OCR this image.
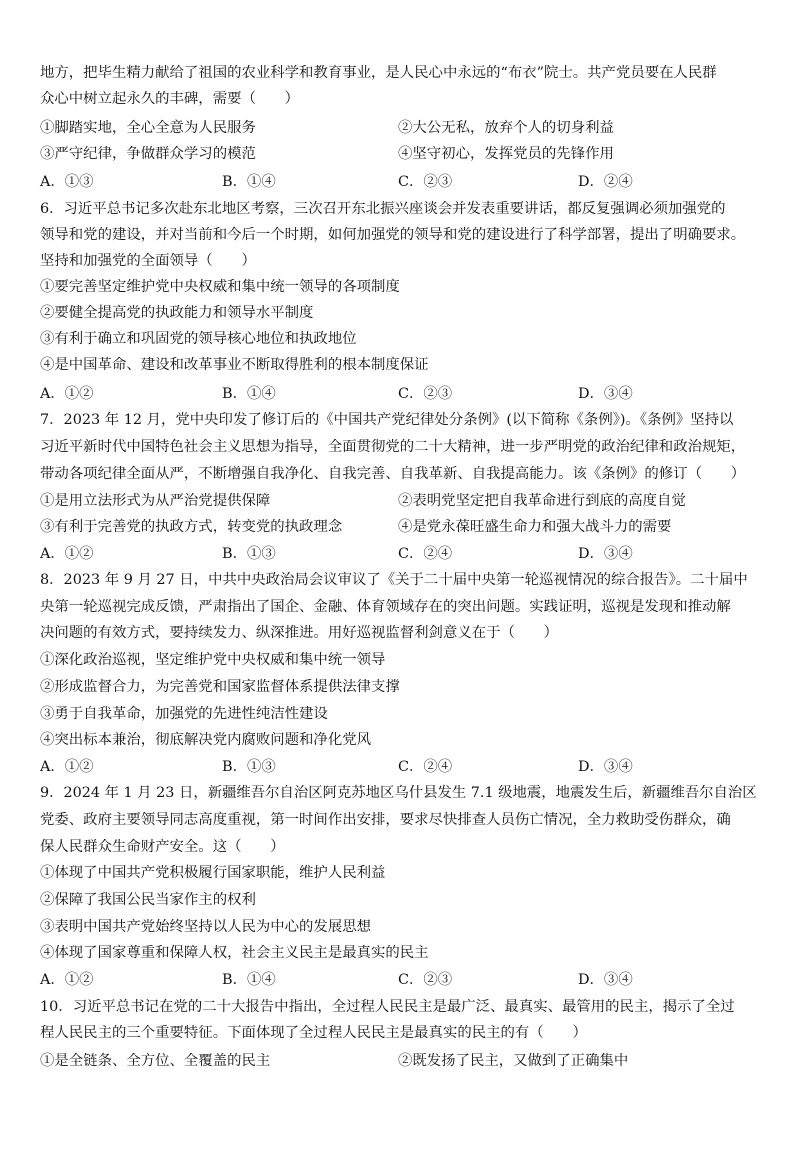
地方，把毕生精力献给了祖国的农业科学和教育事业，是人民心中永远的“布衣”院士。共产党员要在人民群
众心中树立起永久的丰碑，需要（　　）
①脚踏实地，全心全意为人民服务	②大公无私，放弃个人的切身利益
③严守纪律，争做群众学习的模范	④坚守初心，发挥党员的先锋作用
A．①③	B．①④	C．②③	D．②④
6．习近平总书记多次赴东北地区考察，三次召开东北振兴座谈会并发表重要讲话，都反复强调必须加强党的
领导和党的建设，并对当前和今后一个时期，如何加强党的领导和党的建设进行了科学部署，提出了明确要求。
坚持和加强党的全面领导（　　）
①要完善坚定维护党中央权威和集中统一领导的各项制度
②要健全提高党的执政能力和领导水平制度
③有利于确立和巩固党的领导核心地位和执政地位
④是中国革命、建设和改革事业不断取得胜利的根本制度保证
A．①②	B．①④	C．②③	D．③④
7．2023 年 12 月，党中央印发了修订后的《中国共产党纪律处分条例》(以下简称《条例》)。《条例》坚持以
习近平新时代中国特色社会主义思想为指导，全面贯彻党的二十大精神，进一步严明党的政治纪律和政治规矩，
带动各项纪律全面从严，不断增强自我净化、自我完善、自我革新、自我提高能力。该《条例》的修订（　　）
①是用立法形式为从严治党提供保障	②表明党坚定把自我革命进行到底的高度自觉
③有利于完善党的执政方式，转变党的执政理念	④是党永葆旺盛生命力和强大战斗力的需要
A．①②	B．①③	C．②④	D．③④
8．2023 年 9 月 27 日，中共中央政治局会议审议了《关于二十届中央第一轮巡视情况的综合报告》。二十届中
央第一轮巡视完成反馈，严肃指出了国企、金融、体育领域存在的突出问题。实践证明，巡视是发现和推动解
决问题的有效方式，要持续发力、纵深推进。用好巡视监督利剑意义在于（　　）
①深化政治巡视，坚定维护党中央权威和集中统一领导
②形成监督合力，为完善党和国家监督体系提供法律支撑
③勇于自我革命，加强党的先进性纯洁性建设
④突出标本兼治，彻底解决党内腐败问题和净化党风
A．①②	B．①③	C．②④	D．③④
9．2024 年 1 月 23 日，新疆维吾尔自治区阿克苏地区乌什县发生 7.1 级地震，地震发生后，新疆维吾尔自治区
党委、政府主要领导同志高度重视，第一时间作出安排，要求尽快排查人员伤亡情况，全力救助受伤群众，确
保人民群众生命财产安全。这（　　）
①体现了中国共产党积极履行国家职能，维护人民利益
②保障了我国公民当家作主的权利
③表明中国共产党始终坚持以人民为中心的发展思想
④体现了国家尊重和保障人权，社会主义民主是最真实的民主
A．①②	B．①④	C．②③	D．③④
10．习近平总书记在党的二十大报告中指出，全过程人民民主是最广泛、最真实、最管用的民主，揭示了全过
程人民民主的三个重要特征。下面体现了全过程人民民主是最真实的民主的有（　　）
①是全链条、全方位、全覆盖的民主	②既发扬了民主，又做到了正确集中
